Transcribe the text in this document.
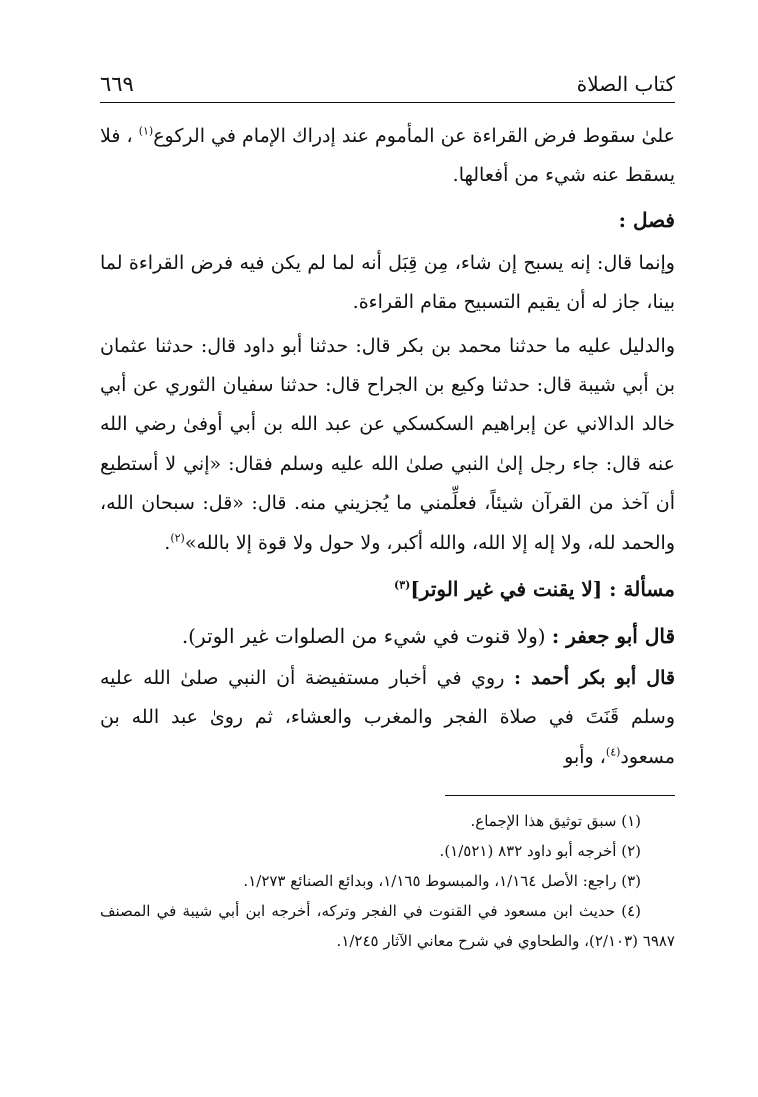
كتاب الصلاة
٦٦٩

علىٰ سقوط فرض القراءة عن المأموم عند إدراك الإمام في الركوع$^{(١)}$ ، فلا يسقط عنه شيء من أفعالها.

فصل :

وإنما قال: إنه يسبح إن شاء، مِن قِبَل أنه لما لم يكن فيه فرض القراءة لما بينا، جاز له أن يقيم التسبيح مقام القراءة.

والدليل عليه ما حدثنا محمد بن بكر قال: حدثنا أبو داود قال: حدثنا عثمان بن أبي شيبة قال: حدثنا وكيع بن الجراح قال: حدثنا سفيان الثوري عن أبي خالد الدالاني عن إبراهيم السكسكي عن عبد الله بن أبي أوفىٰ رضي الله عنه قال: جاء رجل إلىٰ النبي صلىٰ الله عليه وسلم فقال: «إني لا أستطيع أن آخذ من القرآن شيئاً، فعلِّمني ما يُجزيني منه. قال: «قل: سبحان الله، والحمد لله، ولا إله إلا الله، والله أكبر، ولا حول ولا قوة إلا بالله»$^{(٢)}$.

مسألة : [لا يقنت في غير الوتر]$^{(٣)}$

قال أبو جعفر : (ولا قنوت في شيء من الصلوات غير الوتر).

قال أبو بكر أحمد : روي في أخبار مستفيضة أن النبي صلىٰ الله عليه وسلم قَنَتَ في صلاة الفجر والمغرب والعشاء، ثم روىٰ عبد الله بن مسعود$^{(٤)}$، وأبو

(١) سبق توثيق هذا الإجماع.

(٢) أخرجه أبو داود ٨٣٢ (١/٥٢١).

(٣) راجع: الأصل ١/١٦٤، والمبسوط ١/١٦٥، وبدائع الصنائع ١/٢٧٣.

(٤) حديث ابن مسعود في القنوت في الفجر وتركه، أخرجه ابن أبي شيبة في المصنف ٦٩٨٧ (٢/١٠٣)، والطحاوي في شرح معاني الآثار ١/٢٤٥.
